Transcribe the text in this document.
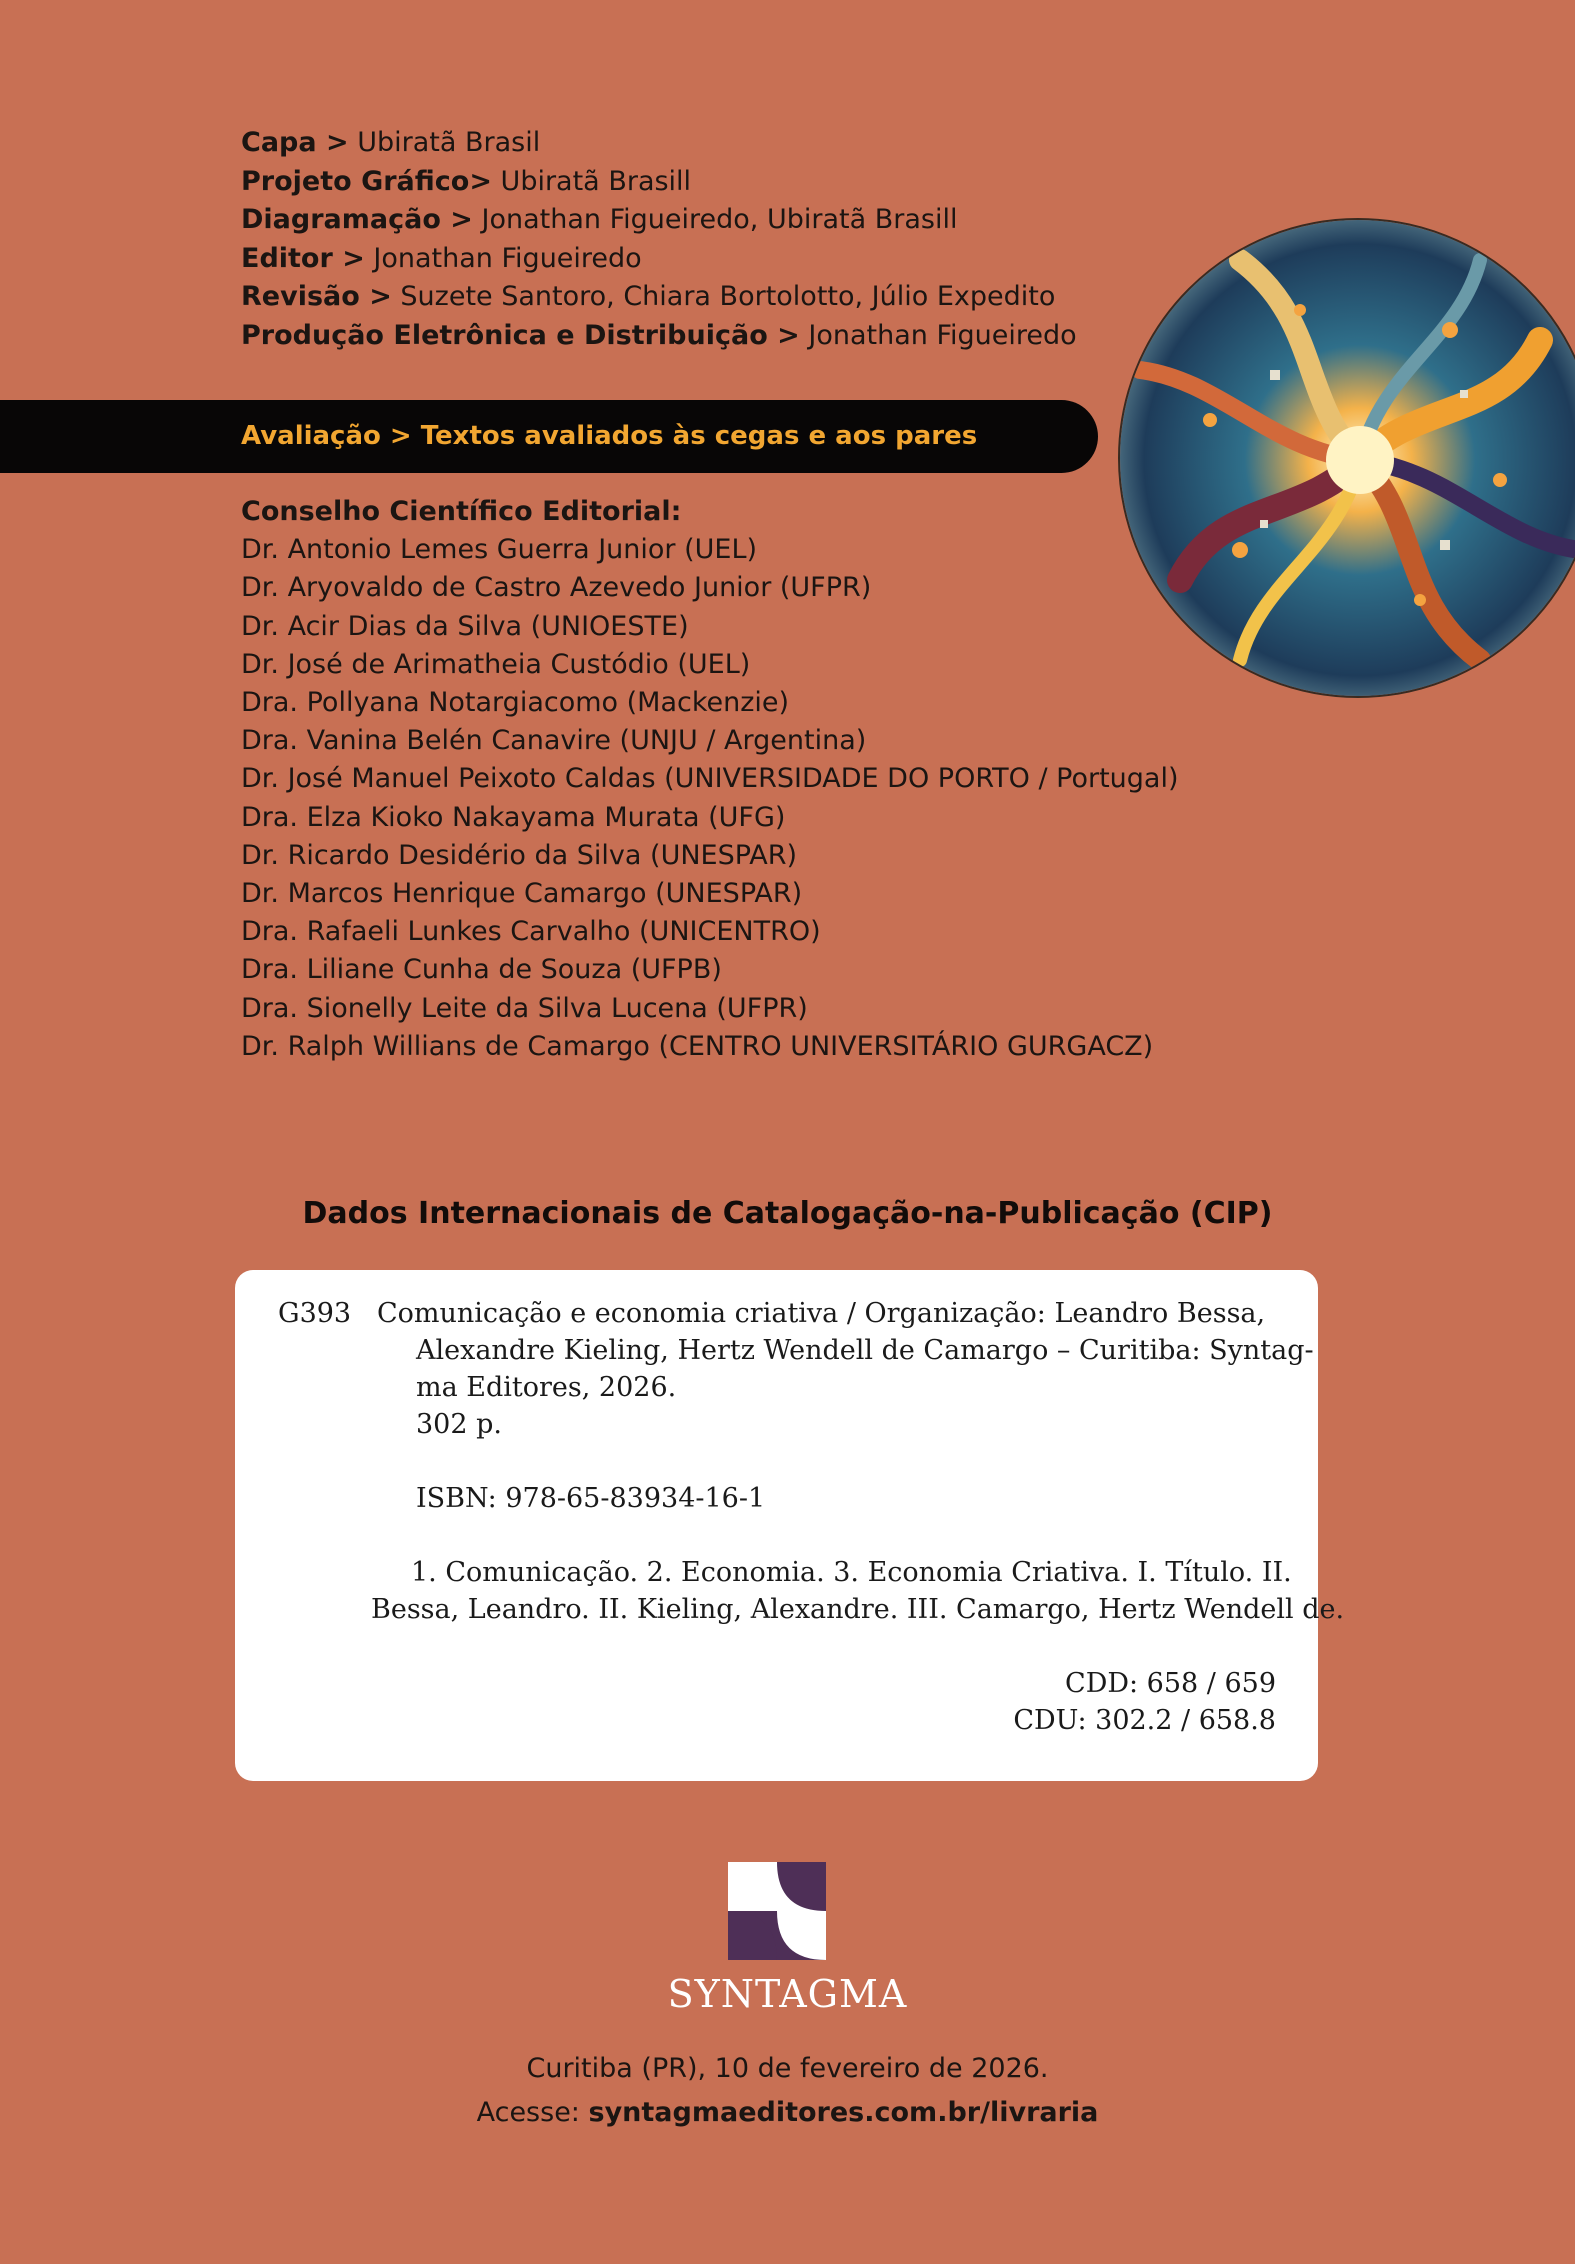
Capa > Ubiratã Brasil
Projeto Gráfico> Ubiratã Brasill
Diagramação > Jonathan Figueiredo, Ubiratã Brasill
Editor > Jonathan Figueiredo
Revisão > Suzete Santoro, Chiara Bortolotto, Júlio Expedito
Produção Eletrônica e Distribuição > Jonathan Figueiredo
Avaliação > Textos avaliados às cegas e aos pares
Conselho Científico Editorial:
Dr. Antonio Lemes Guerra Junior (UEL)
Dr. Aryovaldo de Castro Azevedo Junior (UFPR)
Dr. Acir Dias da Silva (UNIOESTE)
Dr. José de Arimatheia Custódio (UEL)
Dra. Pollyana Notargiacomo (Mackenzie)
Dra. Vanina Belén Canavire (UNJU / Argentina)
Dr. José Manuel Peixoto Caldas (UNIVERSIDADE DO PORTO / Portugal)
Dra. Elza Kioko Nakayama Murata (UFG)
Dr. Ricardo Desidério da Silva (UNESPAR)
Dr. Marcos Henrique Camargo (UNESPAR)
Dra. Rafaeli Lunkes Carvalho (UNICENTRO)
Dra. Liliane Cunha de Souza (UFPB)
Dra. Sionelly Leite da Silva Lucena (UFPR)
Dr. Ralph Willians de Camargo (CENTRO UNIVERSITÁRIO GURGACZ)
Dados Internacionais de Catalogação-na-Publicação (CIP)
G393 Comunicação e economia criativa / Organização: Leandro Bessa,
Alexandre Kieling, Hertz Wendell de Camargo – Curitiba: Syntag-
ma Editores, 2026.
302 p.
ISBN: 978-65-83934-16-1
1. Comunicação. 2. Economia. 3. Economia Criativa. I. Título. II.
Bessa, Leandro. II. Kieling, Alexandre. III. Camargo, Hertz Wendell de.
CDD: 658 / 659
CDU: 302.2 / 658.8
SYNTAGMA
Curitiba (PR), 10 de fevereiro de 2026.
Acesse: syntagmaeditores.com.br/livraria
